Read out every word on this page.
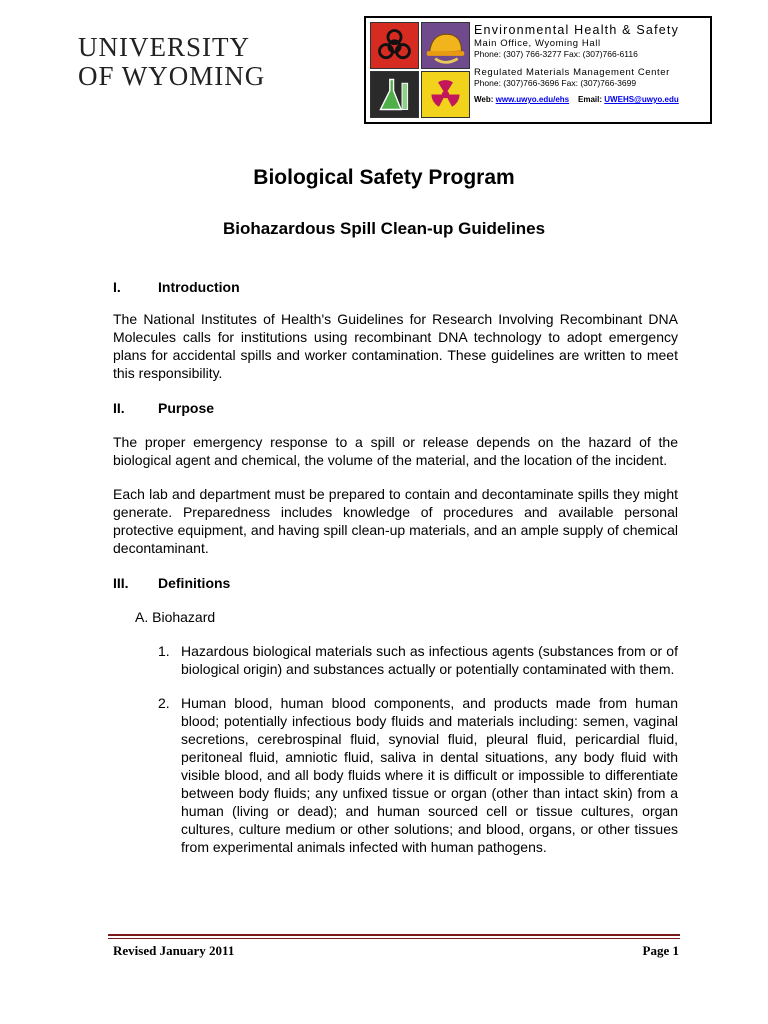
UNIVERSITY
OF WYOMING
Environmental Health & Safety
Main Office, Wyoming Hall
Phone: (307) 766-3277 Fax: (307)766-6116
Regulated Materials Management Center
Phone: (307)766-3696 Fax: (307)766-3699
Web: www.uwyo.edu/ehs Email: UWEHS@uwyo.edu
Biological Safety Program
Biohazardous Spill Clean-up Guidelines
I.	Introduction

The National Institutes of Health's Guidelines for Research Involving Recombinant DNA Molecules calls for institutions using recombinant DNA technology to adopt emergency plans for accidental spills and worker contamination. These guidelines are written to meet this responsibility.

II.	Purpose

The proper emergency response to a spill or release depends on the hazard of the biological agent and chemical, the volume of the material, and the location of the incident.

Each lab and department must be prepared to contain and decontaminate spills they might generate. Preparedness includes knowledge of procedures and available personal protective equipment, and having spill clean-up materials, and an ample supply of chemical decontaminant.

III.	Definitions
A. Biohazard
1. Hazardous biological materials such as infectious agents (substances from or of biological origin) and substances actually or potentially contaminated with them.
2. Human blood, human blood components, and products made from human blood; potentially infectious body fluids and materials including: semen, vaginal secretions, cerebrospinal fluid, synovial fluid, pleural fluid, pericardial fluid, peritoneal fluid, amniotic fluid, saliva in dental situations, any body fluid with visible blood, and all body fluids where it is difficult or impossible to differentiate between body fluids; any unfixed tissue or organ (other than intact skin) from a human (living or dead); and human sourced cell or tissue cultures, organ cultures, culture medium or other solutions; and blood, organs, or other tissues from experimental animals infected with human pathogens.
Revised January 2011	Page 1
